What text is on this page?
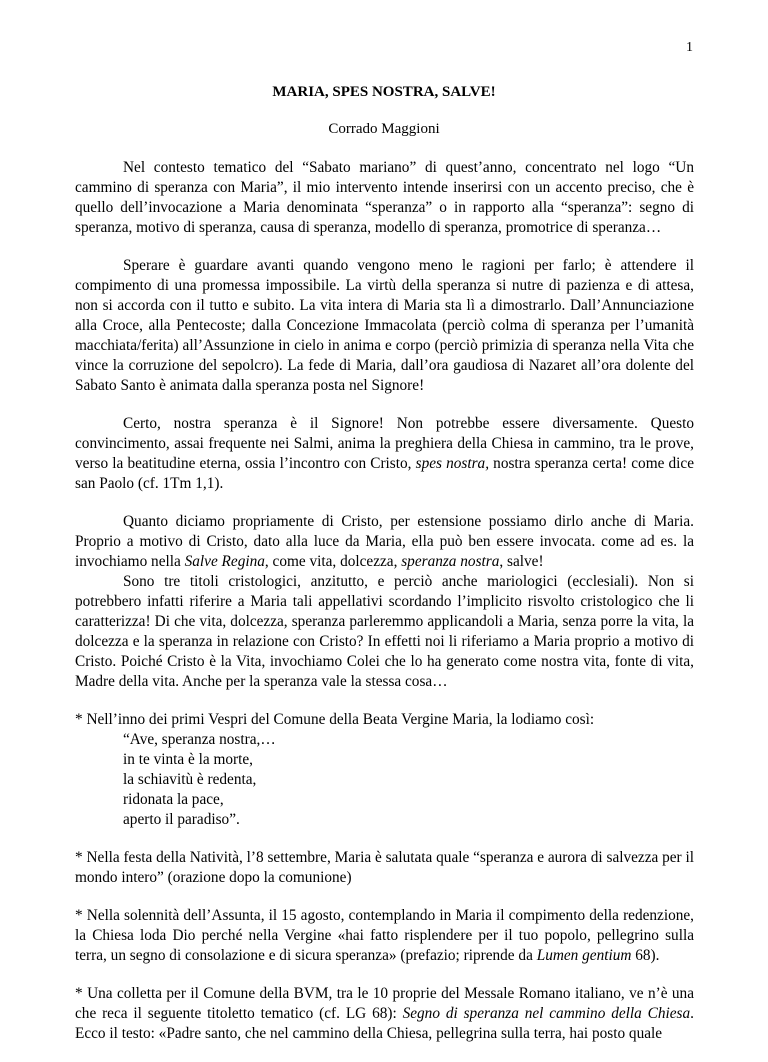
1
MARIA, SPES NOSTRA, SALVE!
Corrado Maggioni

Nel contesto tematico del “Sabato mariano” di quest’anno, concentrato nel logo “Un cammino di speranza con Maria”, il mio intervento intende inserirsi con un accento preciso, che è quello dell’invocazione a Maria denominata “speranza” o in rapporto alla “speranza”: segno di speranza, motivo di speranza, causa di speranza, modello di speranza, promotrice di speranza…

Sperare è guardare avanti quando vengono meno le ragioni per farlo; è attendere il compimento di una promessa impossibile. La virtù della speranza si nutre di pazienza e di attesa, non si accorda con il tutto e subito. La vita intera di Maria sta lì a dimostrarlo. Dall’Annunciazione alla Croce, alla Pentecoste; dalla Concezione Immacolata (perciò colma di speranza per l’umanità macchiata/ferita) all’Assunzione in cielo in anima e corpo (perciò primizia di speranza nella Vita che vince la corruzione del sepolcro). La fede di Maria, dall’ora gaudiosa di Nazaret all’ora dolente del Sabato Santo è animata dalla speranza posta nel Signore!

Certo, nostra speranza è il Signore! Non potrebbe essere diversamente. Questo convincimento, assai frequente nei Salmi, anima la preghiera della Chiesa in cammino, tra le prove, verso la beatitudine eterna, ossia l’incontro con Cristo, spes nostra, nostra speranza certa! come dice san Paolo (cf. 1Tm 1,1).

Quanto diciamo propriamente di Cristo, per estensione possiamo dirlo anche di Maria. Proprio a motivo di Cristo, dato alla luce da Maria, ella può ben essere invocata. come ad es. la invochiamo nella Salve Regina, come vita, dolcezza, speranza nostra, salve!

Sono tre titoli cristologici, anzitutto, e perciò anche mariologici (ecclesiali). Non si potrebbero infatti riferire a Maria tali appellativi scordando l’implicito risvolto cristologico che li caratterizza! Di che vita, dolcezza, speranza parleremmo applicandoli a Maria, senza porre la vita, la dolcezza e la speranza in relazione con Cristo? In effetti noi li riferiamo a Maria proprio a motivo di Cristo. Poiché Cristo è la Vita, invochiamo Colei che lo ha generato come nostra vita, fonte di vita, Madre della vita. Anche per la speranza vale la stessa cosa…

* Nell’inno dei primi Vespri del Comune della Beata Vergine Maria, la lodiamo così:
“Ave, speranza nostra,…
in te vinta è la morte,
la schiavitù è redenta,
ridonata la pace,
aperto il paradiso”.

* Nella festa della Natività, l’8 settembre, Maria è salutata quale “speranza e aurora di salvezza per il mondo intero” (orazione dopo la comunione)

* Nella solennità dell’Assunta, il 15 agosto, contemplando in Maria il compimento della redenzione, la Chiesa loda Dio perché nella Vergine «hai fatto risplendere per il tuo popolo, pellegrino sulla terra, un segno di consolazione e di sicura speranza» (prefazio; riprende da Lumen gentium 68).

* Una colletta per il Comune della BVM, tra le 10 proprie del Messale Romano italiano, ve n’è una che reca il seguente titoletto tematico (cf. LG 68): Segno di speranza nel cammino della Chiesa. Ecco il testo: «Padre santo, che nel cammino della Chiesa, pellegrina sulla terra, hai posto quale
